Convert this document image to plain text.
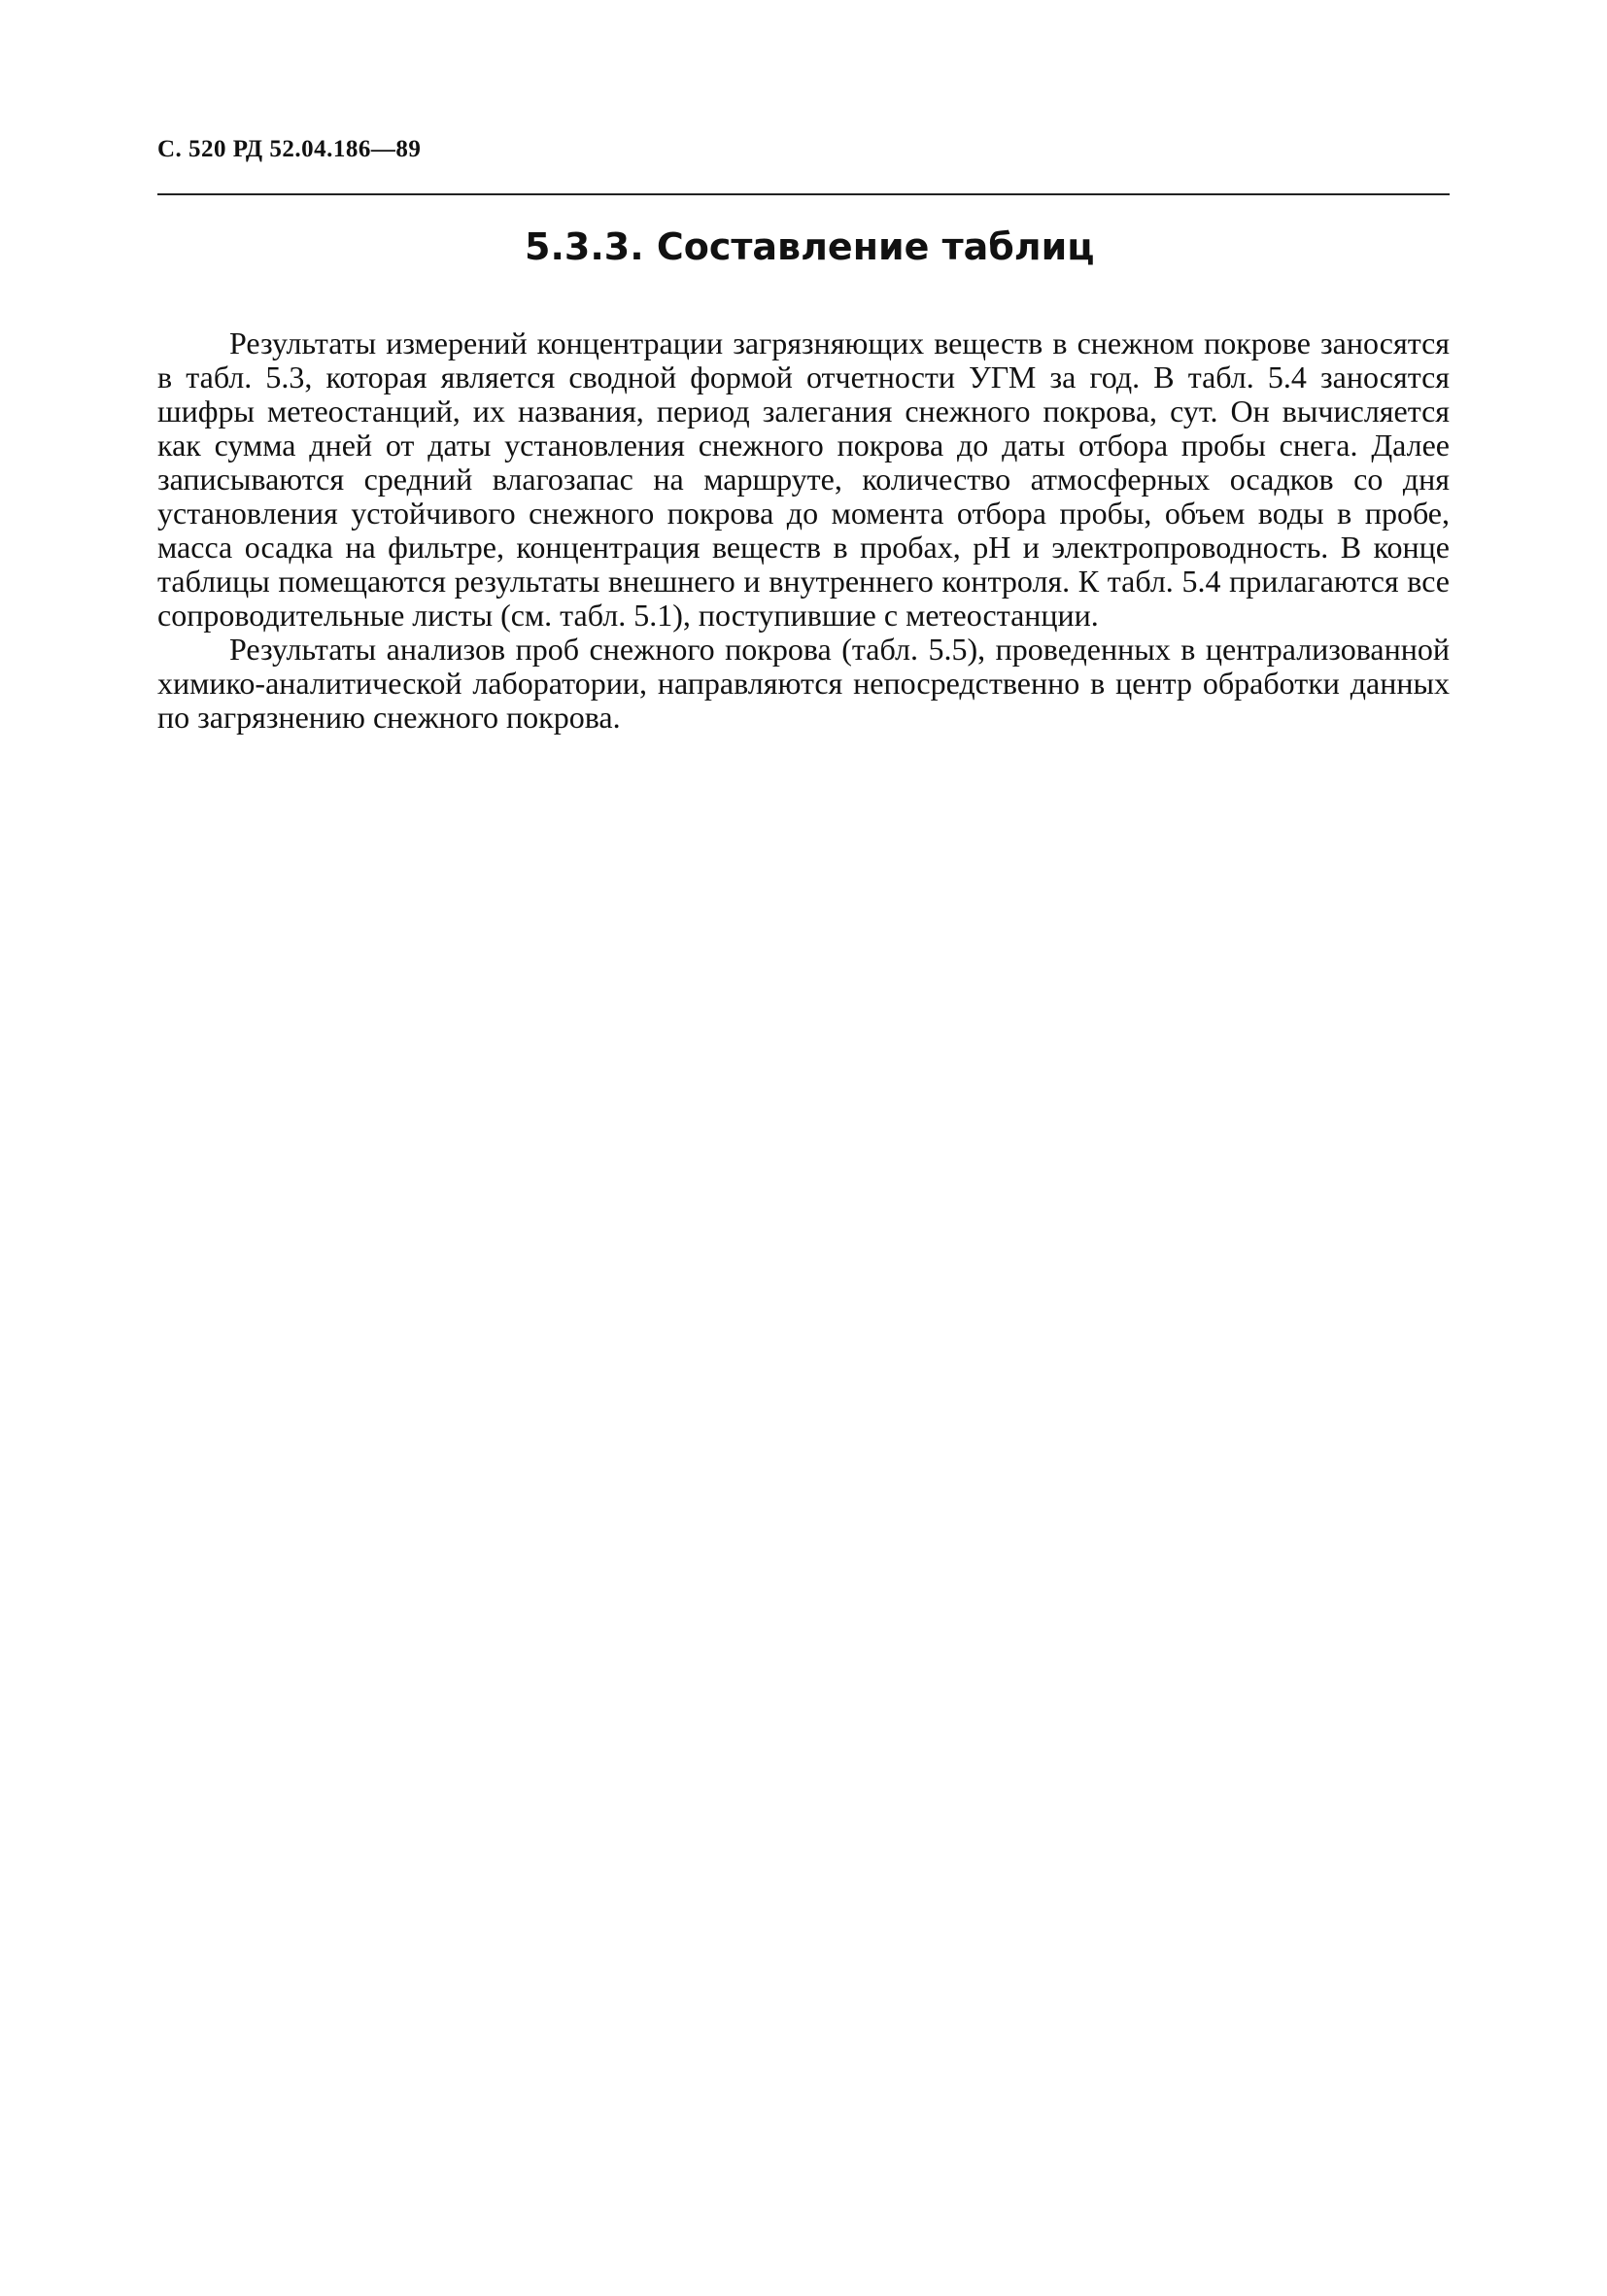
С. 520 РД 52.04.186—89
5.3.3. Составление таблиц

Результаты измерений концентрации загрязняющих веществ в снежном покрове заносятся в табл. 5.3, которая является сводной формой отчетности УГМ за год. В табл. 5.4 заносятся шифры метеостанций, их названия, период залегания снежного покрова, сут. Он вычисляется как сумма дней от даты установления снежного покрова до даты отбора пробы снега. Далее записываются средний влагозапас на маршруте, количество атмосферных осадков со дня установления устойчивого снежного покрова до момента отбора пробы, объем воды в пробе, масса осадка на фильтре, концентрация веществ в пробах, pH и электропроводность. В конце таблицы помещаются результаты внешнего и внутреннего контроля. К табл. 5.4 прилагаются все сопроводительные листы (см. табл. 5.1), поступившие с метеостанции.

Результаты анализов проб снежного покрова (табл. 5.5), проведенных в централизованной химико-аналитической лаборатории, направляются непосредственно в центр обработки данных по загрязнению снежного покрова.
